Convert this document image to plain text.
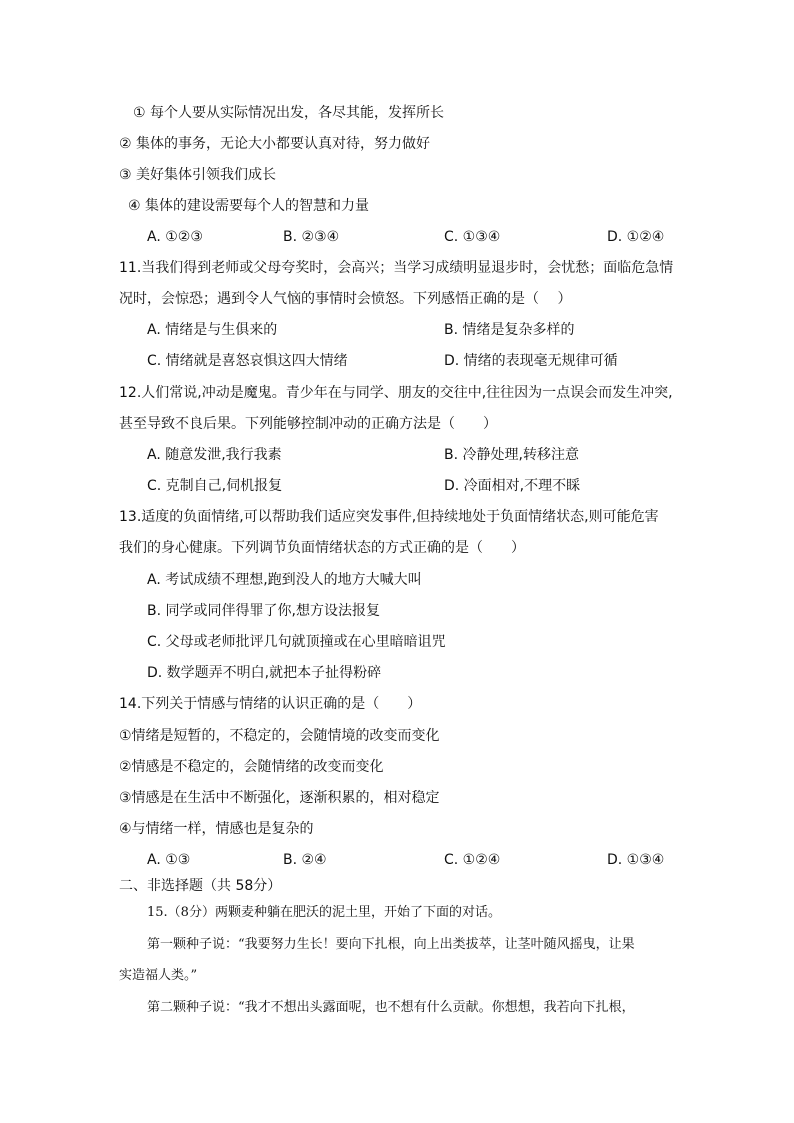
① 每个人要从实际情况出发，各尽其能，发挥所长
② 集体的事务，无论大小都要认真对待，努力做好
③ 美好集体引领我们成长
④ 集体的建设需要每个人的智慧和力量
A. ①②③	B. ②③④	C. ①③④	D. ①②④
11.当我们得到老师或父母夸奖时，会高兴；当学习成绩明显退步时，会忧愁；面临危急情
况时，会惊恐；遇到令人气恼的事情时会愤怒。下列感悟正确的是（　 ）
A. 情绪是与生俱来的	B. 情绪是复杂多样的
C. 情绪就是喜怒哀惧这四大情绪	D. 情绪的表现毫无规律可循
12.人们常说,冲动是魔鬼。青少年在与同学、朋友的交往中,往往因为一点误会而发生冲突,
甚至导致不良后果。下列能够控制冲动的正确方法是（　　）
A. 随意发泄,我行我素	B. 冷静处理,转移注意
C. 克制自己,伺机报复	D. 冷面相对,不理不睬
13.适度的负面情绪,可以帮助我们适应突发事件,但持续地处于负面情绪状态,则可能危害
我们的身心健康。下列调节负面情绪状态的方式正确的是（　　）
A. 考试成绩不理想,跑到没人的地方大喊大叫
B. 同学或同伴得罪了你,想方设法报复
C. 父母或老师批评几句就顶撞或在心里暗暗诅咒
D. 数学题弄不明白,就把本子扯得粉碎
14.下列关于情感与情绪的认识正确的是（　　）
①情绪是短暂的，不稳定的，会随情境的改变而变化
②情感是不稳定的，会随情绪的改变而变化
③情感是在生活中不断强化，逐渐积累的，相对稳定
④与情绪一样，情感也是复杂的
A. ①③	B. ②④	C. ①②④	D. ①③④
二、非选择题（共 58分）
15.（8分）两颗麦种躺在肥沃的泥土里，开始了下面的对话。
第一颗种子说：“我要努力生长！要向下扎根，向上出类拔萃，让茎叶随风摇曳，让果
实造福人类。”
第二颗种子说：“我才不想出头露面呢，也不想有什么贡献。你想想，我若向下扎根，
